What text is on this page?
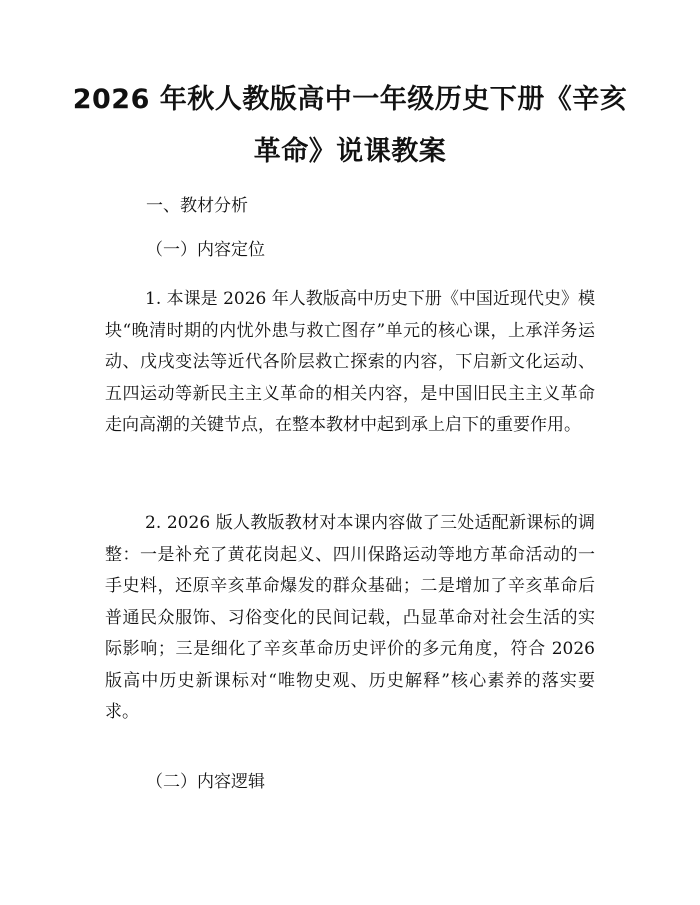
2026 年秋人教版高中一年级历史下册《辛亥
革命》说课教案
一、教材分析
（一）内容定位

1. 本课是 2026 年人教版高中历史下册《中国近现代史》模块“晚清时期的内忧外患与救亡图存”单元的核心课，上承洋务运动、戊戌变法等近代各阶层救亡探索的内容，下启新文化运动、五四运动等新民主主义革命的相关内容，是中国旧民主主义革命走向高潮的关键节点，在整本教材中起到承上启下的重要作用。

2. 2026 版人教版教材对本课内容做了三处适配新课标的调整：一是补充了黄花岗起义、四川保路运动等地方革命活动的一手史料，还原辛亥革命爆发的群众基础；二是增加了辛亥革命后普通民众服饰、习俗变化的民间记载，凸显革命对社会生活的实际影响；三是细化了辛亥革命历史评价的多元角度，符合 2026 版高中历史新课标对“唯物史观、历史解释”核心素养的落实要求。

（二）内容逻辑
